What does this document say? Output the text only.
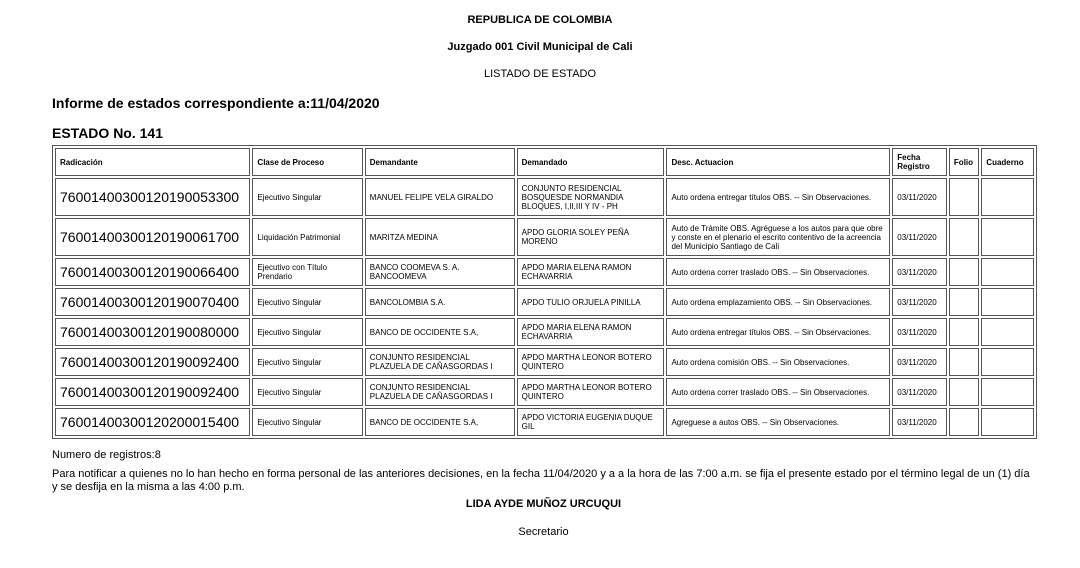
REPUBLICA DE COLOMBIA
Juzgado 001 Civil Municipal de Cali
LISTADO DE ESTADO
Informe de estados correspondiente a:11/04/2020
ESTADO No. 141
Radicación	Clase de Proceso	Demandante	Demandado	Desc. Actuacion	Fecha Registro	Folio	Cuaderno
76001400300120190053300	Ejecutivo Singular	MANUEL FELIPE VELA GIRALDO	CONJUNTO RESIDENCIAL BOSQUESDE NORMANDIA BLOQUES, I,II,III Y IV - PH	Auto ordena entregar títulos OBS. -- Sin Observaciones.	03/11/2020		
76001400300120190061700	Liquidación Patrimonial	MARITZA MEDINA	APDO GLORIA SOLEY PEÑA MORENO	Auto de Trámite OBS. Agréguese a los autos para que obre y conste en el plenario el escrito contentivo de la acreencia del Municipio Santiago de Cali	03/11/2020		
76001400300120190066400	Ejecutivo con Título Prendario	BANCO COOMEVA S. A. BANCOOMEVA	APDO MARIA ELENA RAMON ECHAVARRIA	Auto ordena correr traslado OBS. -- Sin Observaciones.	03/11/2020		
76001400300120190070400	Ejecutivo Singular	BANCOLOMBIA S.A.	APDO TULIO ORJUELA PINILLA	Auto ordena emplazamiento OBS. -- Sin Observaciones.	03/11/2020		
76001400300120190080000	Ejecutivo Singular	BANCO DE OCCIDENTE S.A,	APDO MARIA ELENA RAMON ECHAVARRIA	Auto ordena entregar títulos OBS. -- Sin Observaciones.	03/11/2020		
76001400300120190092400	Ejecutivo Singular	CONJUNTO RESIDENCIAL PLAZUELA DE CAÑASGORDAS I	APDO MARTHA LEONOR BOTERO QUINTERO	Auto ordena comisión OBS. -- Sin Observaciones.	03/11/2020		
76001400300120190092400	Ejecutivo Singular	CONJUNTO RESIDENCIAL PLAZUELA DE CAÑASGORDAS I	APDO MARTHA LEONOR BOTERO QUINTERO	Auto ordena correr traslado OBS. -- Sin Observaciones.	03/11/2020		
76001400300120200015400	Ejecutivo Singular	BANCO DE OCCIDENTE S.A,	APDO VICTORIA EUGENIA DUQUE GIL	Agreguese a autos OBS. -- Sin Observaciones.	03/11/2020		
Numero de registros:8
Para notificar a quienes no lo han hecho en forma personal de las anteriores decisiones, en la fecha 11/04/2020 y a a la hora de las 7:00 a.m. se fija el presente estado por el término legal de un (1) día y se desfija en la misma a las 4:00 p.m.
LIDA AYDE MUÑOZ URCUQUI
Secretario
